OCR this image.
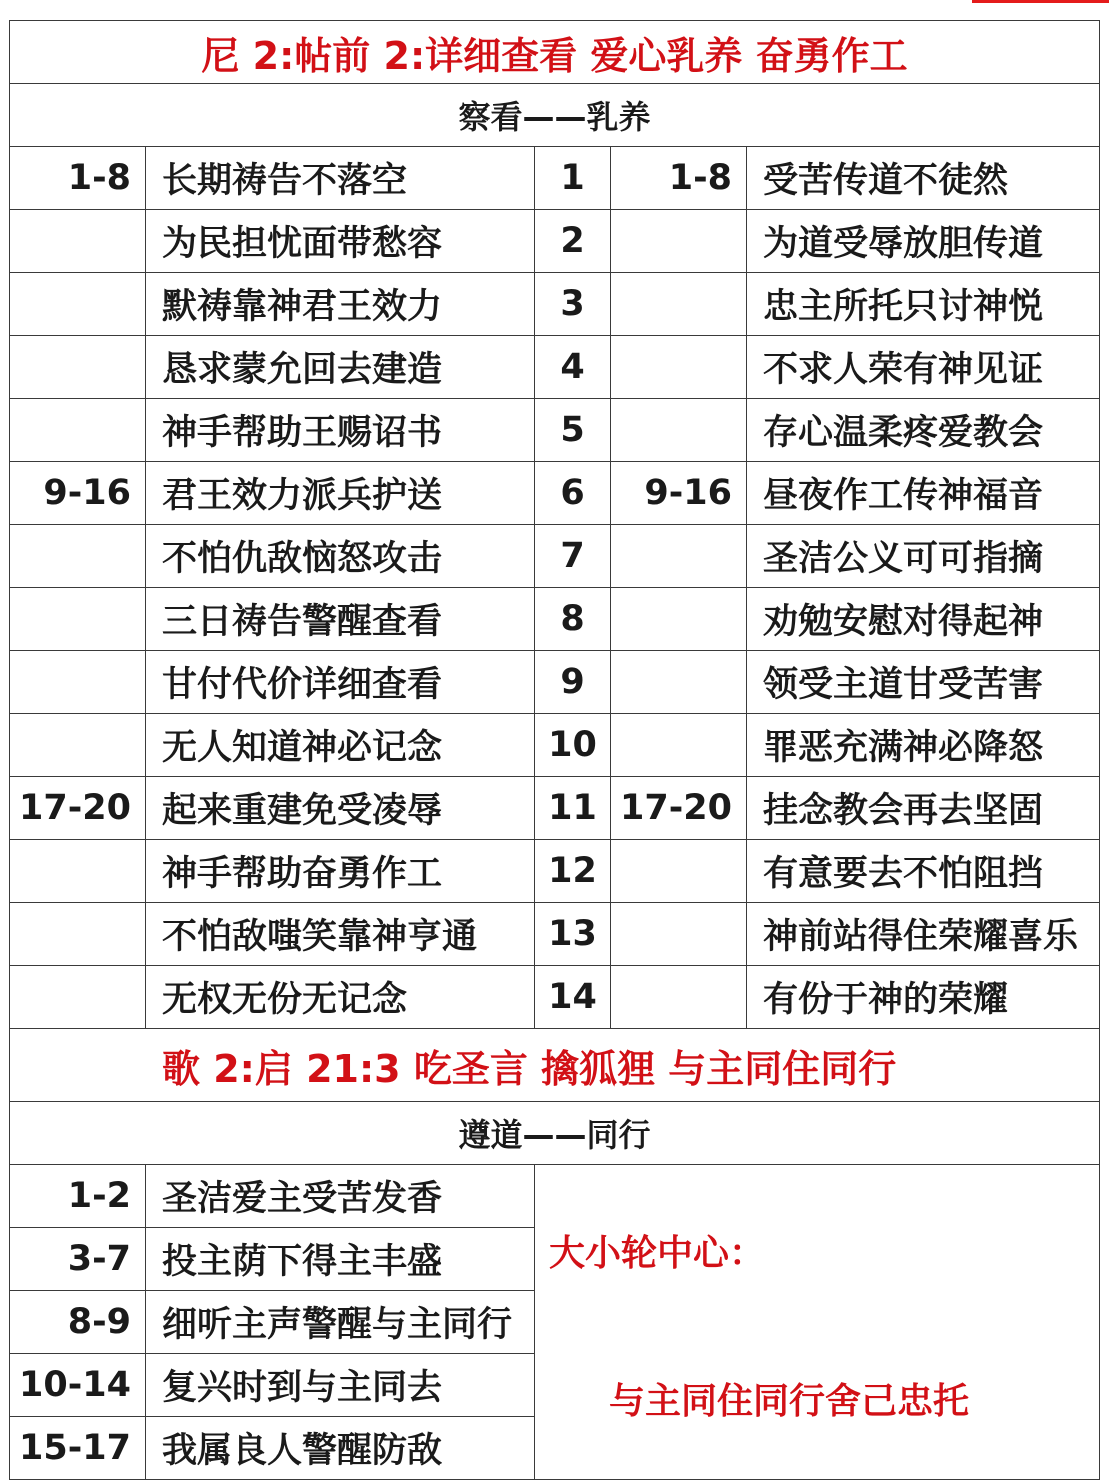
尼 2:帖前 2:详细查看 爱心乳养 奋勇作工				
察看——乳养				
1-8	长期祷告不落空	1	1-8	受苦传道不徒然
	为民担忧面带愁容	2		为道受辱放胆传道
	默祷靠神君王效力	3		忠主所托只讨神悦
	恳求蒙允回去建造	4		不求人荣有神见证
	神手帮助王赐诏书	5		存心温柔疼爱教会
9-16	君王效力派兵护送	6	9-16	昼夜作工传神福音
	不怕仇敌恼怒攻击	7		圣洁公义可可指摘
	三日祷告警醒查看	8		劝勉安慰对得起神
	甘付代价详细查看	9		领受主道甘受苦害
	无人知道神必记念	10		罪恶充满神必降怒
17-20	起来重建免受凌辱	11	17-20	挂念教会再去坚固
	神手帮助奋勇作工	12		有意要去不怕阻挡
	不怕敌嗤笑靠神亨通	13		神前站得住荣耀喜乐
	无权无份无记念	14		有份于神的荣耀
歌 2:启 21:3 吃圣言 擒狐狸 与主同住同行				
遵道——同行				
1-2	圣洁爱主受苦发香	大小轮中心：
与主同住同行舍己忠托		

3-7	投主荫下得主丰盛			
8-9	细听主声警醒与主同行			
10-14	复兴时到与主同去			
15-17	我属良人警醒防敌			
